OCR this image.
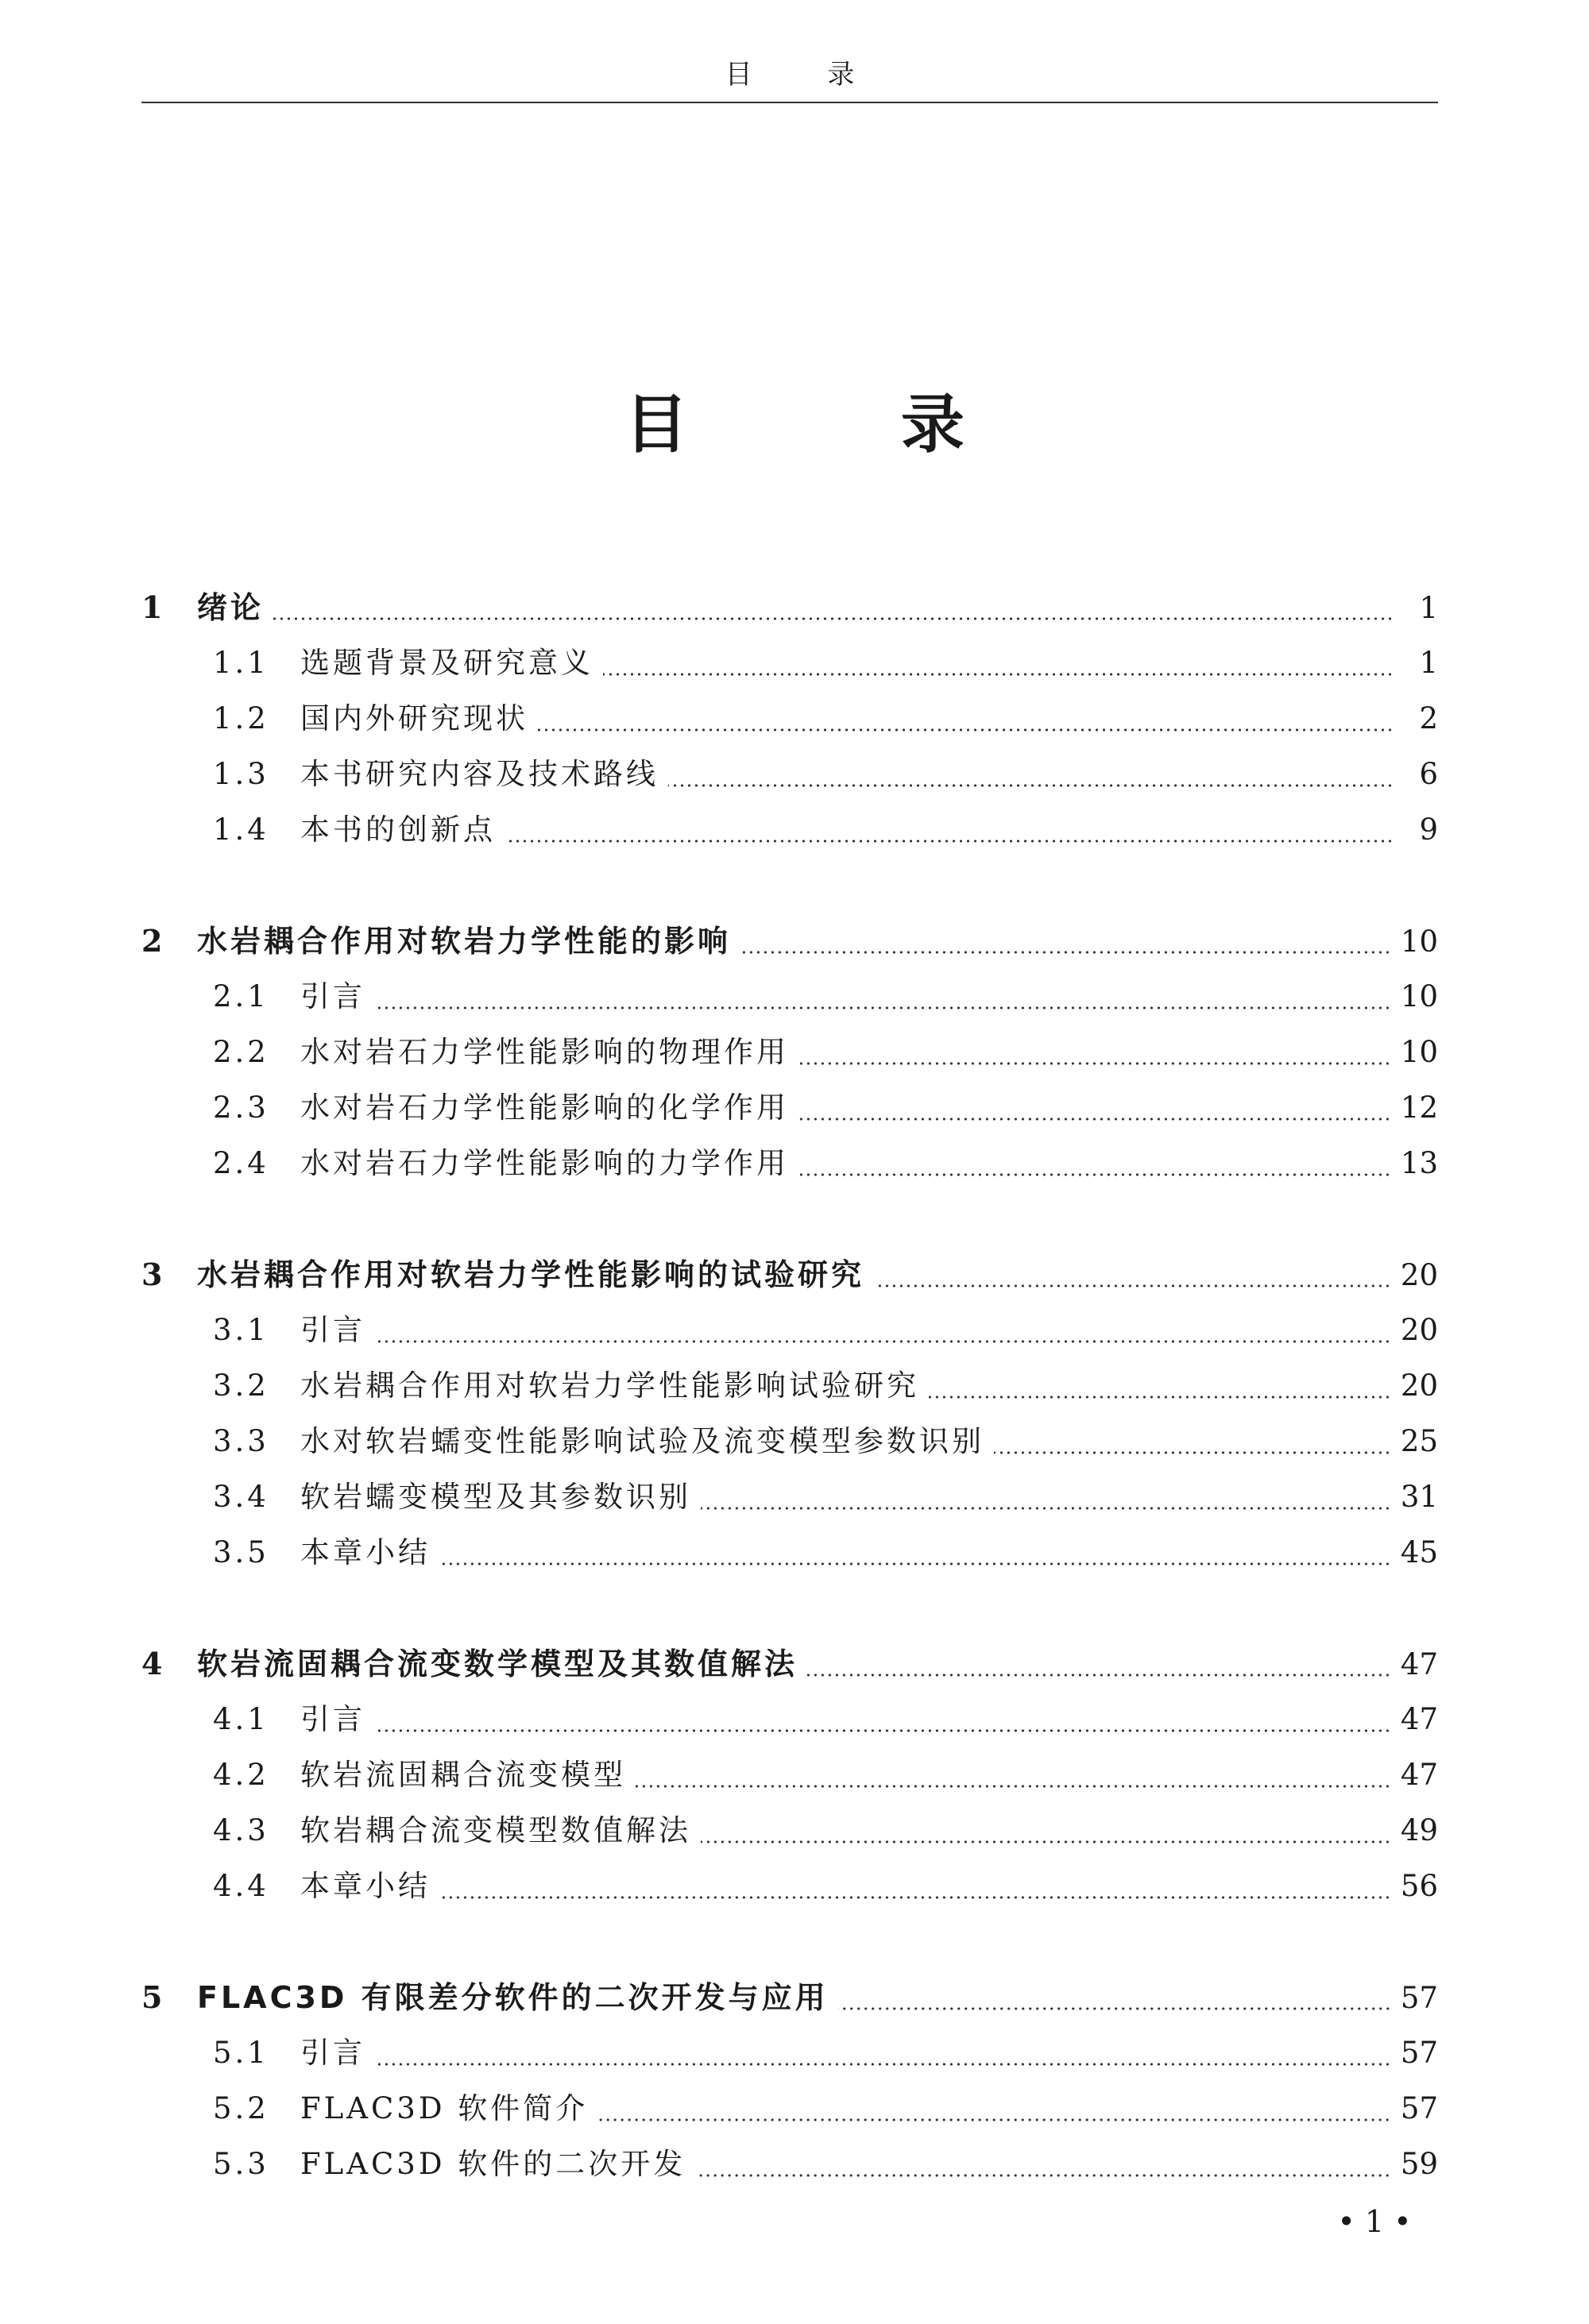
目 录
目 录
1	绪论	1
1.1	选题背景及研究意义	1
1.2	国内外研究现状	2
1.3	本书研究内容及技术路线	6
1.4	本书的创新点	9
2	水岩耦合作用对软岩力学性能的影响	10
2.1	引言	10
2.2	水对岩石力学性能影响的物理作用	10
2.3	水对岩石力学性能影响的化学作用	12
2.4	水对岩石力学性能影响的力学作用	13
3	水岩耦合作用对软岩力学性能影响的试验研究	20
3.1	引言	20
3.2	水岩耦合作用对软岩力学性能影响试验研究	20
3.3	水对软岩蠕变性能影响试验及流变模型参数识别	25
3.4	软岩蠕变模型及其参数识别	31
3.5	本章小结	45
4	软岩流固耦合流变数学模型及其数值解法	47
4.1	引言	47
4.2	软岩流固耦合流变模型	47
4.3	软岩耦合流变模型数值解法	49
4.4	本章小结	56
5	FLAC3D 有限差分软件的二次开发与应用	57
5.1	引言	57
5.2	FLAC3D 软件简介	57
5.3	FLAC3D 软件的二次开发	59
• 1 •
